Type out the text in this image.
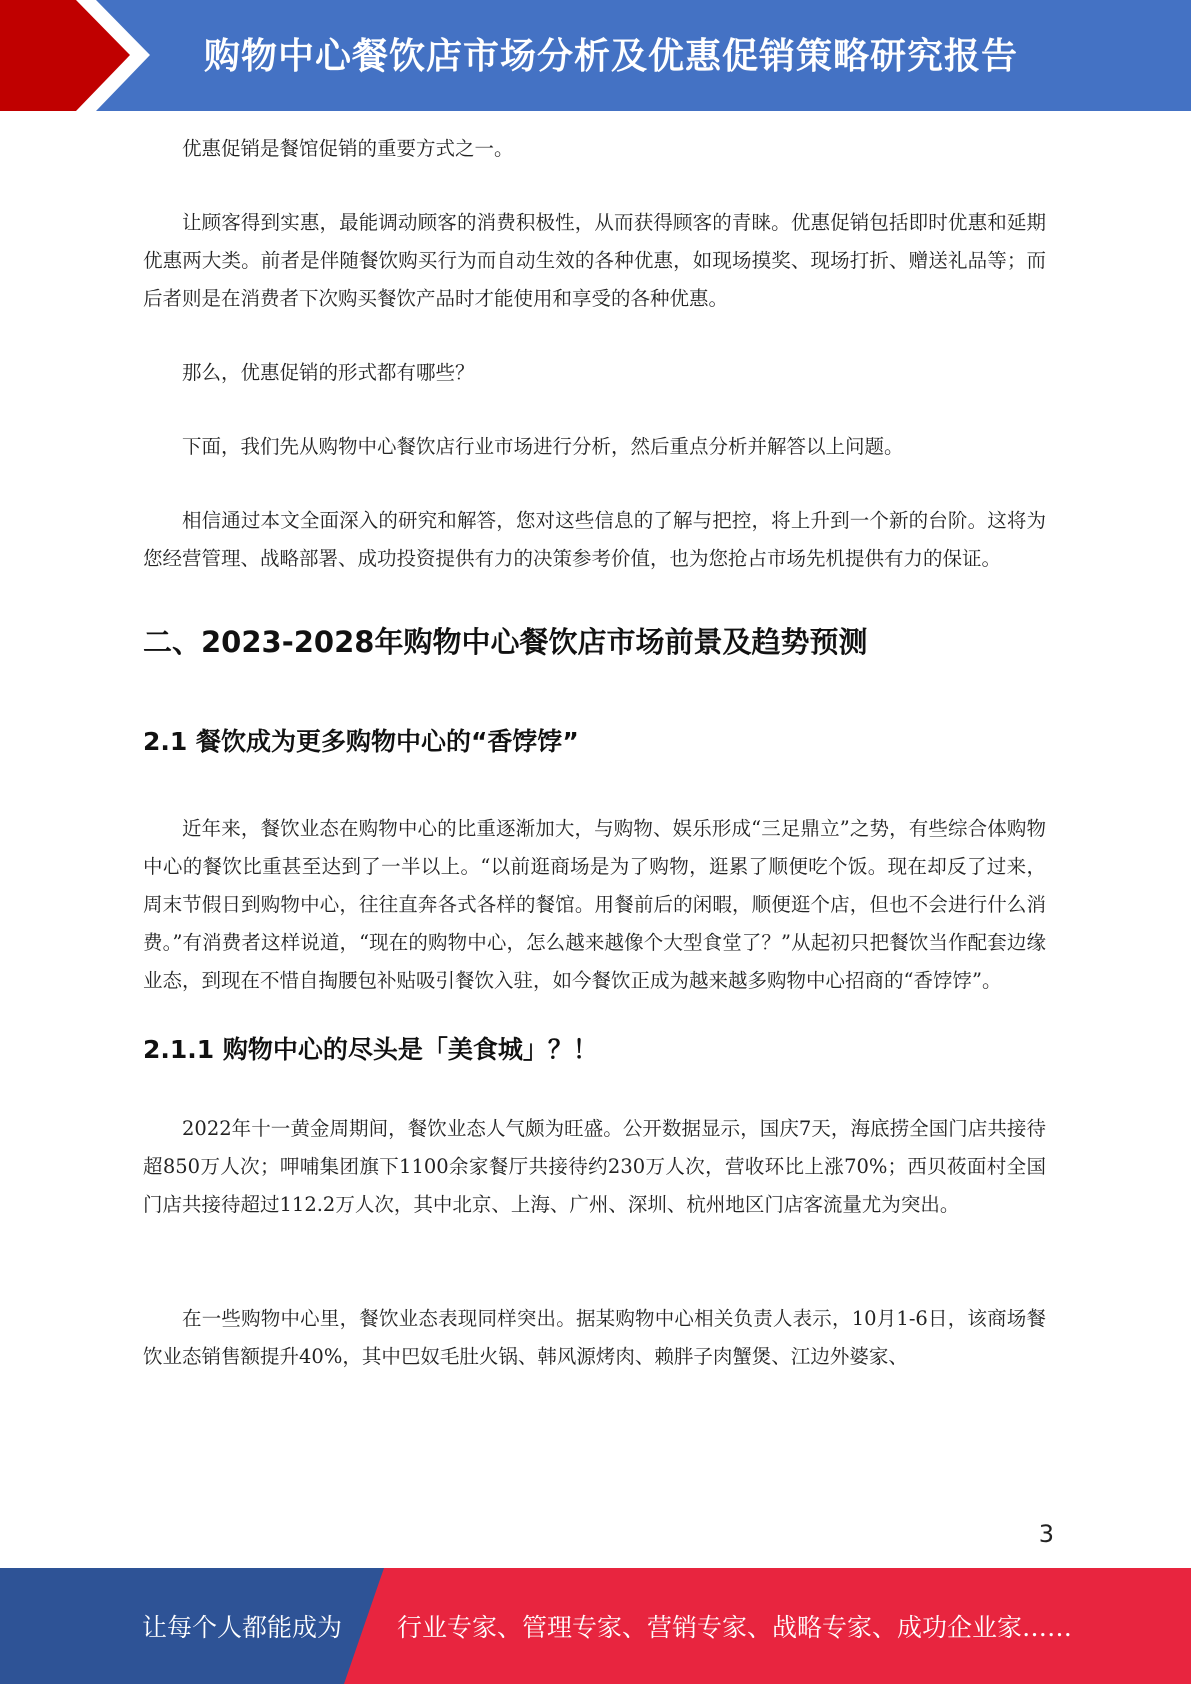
购物中心餐饮店市场分析及优惠促销策略研究报告

优惠促销是餐馆促销的重要方式之一。

让顾客得到实惠，最能调动顾客的消费积极性，从而获得顾客的青睐。优惠促销包括即时优惠和延期优惠两大类。前者是伴随餐饮购买行为而自动生效的各种优惠，如现场摸奖、现场打折、赠送礼品等；而后者则是在消费者下次购买餐饮产品时才能使用和享受的各种优惠。

那么，优惠促销的形式都有哪些？

下面，我们先从购物中心餐饮店行业市场进行分析，然后重点分析并解答以上问题。

相信通过本文全面深入的研究和解答，您对这些信息的了解与把控，将上升到一个新的台阶。这将为您经营管理、战略部署、成功投资提供有力的决策参考价值，也为您抢占市场先机提供有力的保证。

二、2023-2028年购物中心餐饮店市场前景及趋势预测
2.1 餐饮成为更多购物中心的“香饽饽”

近年来，餐饮业态在购物中心的比重逐渐加大，与购物、娱乐形成“三足鼎立”之势，有些综合体购物中心的餐饮比重甚至达到了一半以上。“以前逛商场是为了购物，逛累了顺便吃个饭。现在却反了过来，周末节假日到购物中心，往往直奔各式各样的餐馆。用餐前后的闲暇，顺便逛个店，但也不会进行什么消费。”有消费者这样说道，“现在的购物中心，怎么越来越像个大型食堂了？”从起初只把餐饮当作配套边缘业态，到现在不惜自掏腰包补贴吸引餐饮入驻，如今餐饮正成为越来越多购物中心招商的“香饽饽”。

2.1.1 购物中心的尽头是「美食城」？！

2022年十一黄金周期间，餐饮业态人气颇为旺盛。公开数据显示，国庆7天，海底捞全国门店共接待超850万人次；呷哺集团旗下1100余家餐厅共接待约230万人次，营收环比上涨70%；西贝莜面村全国门店共接待超过112.2万人次，其中北京、上海、广州、深圳、杭州地区门店客流量尤为突出。

在一些购物中心里，餐饮业态表现同样突出。据某购物中心相关负责人表示，10月1-6日，该商场餐饮业态销售额提升40%，其中巴奴毛肚火锅、韩风源烤肉、赖胖子肉蟹煲、江边外婆家、

3
让每个人都能成为 行业专家、管理专家、营销专家、战略专家、成功企业家……
